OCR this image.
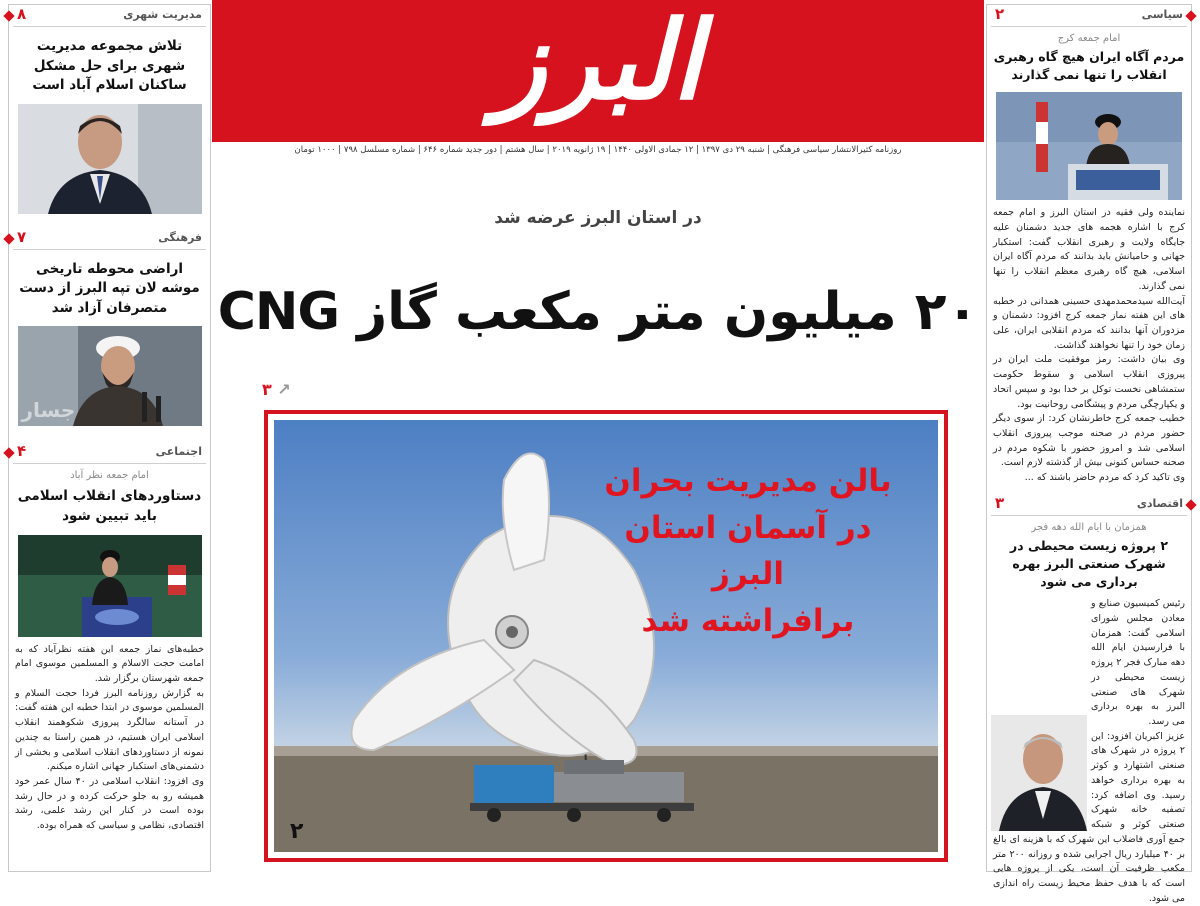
مدیریت شهری
۸
تلاش مجموعه مدیریت شهری برای حل مشکل ساکنان اسلام آباد است
فرهنگی
۷
اراضی محوطه تاریخی موشه لان تپه البرز از دست متصرفان آزاد شد
جسار
اجتماعی
۴
امام جمعه نظر آباد
دستاوردهای انقلاب اسلامی باید تبیین شود

خطبه‌های نماز جمعه این هفته نظرآباد که به امامت حجت الاسلام و المسلمین موسوی امام جمعه شهرستان برگزار شد.

به گزارش روزنامه البرز فردا حجت السلام و المسلمین موسوی در ابتدا خطبه این هفته گفت: در آستانه سالگرد پیروزی شکوهمند انقلاب اسلامی ایران هستیم، در همین راستا به چندین نمونه از دستاوردهای انقلاب اسلامی و بخشی از دشمنی‌های استکبار جهانی اشاره میکنم.

وی افزود: انقلاب اسلامی در ۴۰ سال عمر خود همیشه رو به جلو حرکت کرده و در حال رشد بوده است در کنار این رشد علمی، رشد اقتصادی، نظامی و سیاسی که همراه بوده.

البرز
روزنامه کثیرالانتشار سیاسی فرهنگی | شنبه ۲۹ دی ۱۳۹۷ | ۱۲ جمادی الاولی ۱۴۴۰ | ۱۹ ژانویه ۲۰۱۹ | سال هشتم | دور جدید شماره ۶۴۶ | شماره مسلسل ۷۹۸ | ۱۰۰۰ تومان
در استان البرز عرضه شد
۲۰ میلیون متر مکعب گاز CNG
۳ ↗
بالن مدیریت بحران
در آسمان استان البرز
برافراشته شد
۲
سیاسی
۲
امام جمعه کرج
مردم آگاه ایران هیچ گاه رهبری انقلاب را تنها نمی گذارند

نماینده ولی فقیه در استان البرز و امام جمعه کرج با اشاره هجمه های جدید دشمنان علیه جایگاه ولایت و رهبری انقلاب گفت: استکبار جهانی و حامیانش باید بدانند که مردم آگاه ایران اسلامی، هیچ گاه رهبری معظم انقلاب را تنها نمی گذارند.

آیت‌الله سیدمحمدمهدی حسینی همدانی در خطبه های این هفته نماز جمعه کرج افزود: دشمنان و مزدوران آنها بدانند که مردم انقلابی ایران، علی زمان خود را تنها نخواهند گذاشت.

وی بیان داشت: رمز موفقیت ملت ایران در پیروزی انقلاب اسلامی و سقوط حکومت ستمشاهی نخست توکل بر خدا بود و سپس اتحاد و یکپارچگی مردم و پیشگامی روحانیت بود.

خطیب جمعه کرج خاطرنشان کرد: از سوی دیگر حضور مردم در صحنه موجب پیروزی انقلاب اسلامی شد و امروز حضور با شکوه مردم در صحنه حساس کنونی بیش از گذشته لازم است.

وی تاکید کرد که مردم حاضر باشند که ...

اقتصادی
۳
همزمان با ایام الله دهه فجر
۲ پروژه زیست محیطی در شهرک صنعتی البرز بهره برداری می شود

رئیس کمیسیون صنایع و معادن مجلس شورای اسلامی گفت: همزمان با فرارسیدن ایام الله دهه مبارک فجر ۲ پروژه زیست محیطی در شهرک های صنعتی البرز به بهره برداری می رسد.

عزیز اکبریان افزود: این ۲ پروژه در شهرک های صنعتی اشتهارد و کوثر به بهره برداری خواهد رسید. وی اضافه کرد: تصفیه خانه شهرک صنعتی کوثر و شبکه جمع آوری فاضلاب این شهرک که با هزینه ای بالغ بر ۴۰ میلیارد ریال اجرایی شده و روزانه ۲۰۰ متر مکعب ظرفیت آن است، یکی از پروژه هایی است که با هدف حفظ محیط زیست راه اندازی می شود.
